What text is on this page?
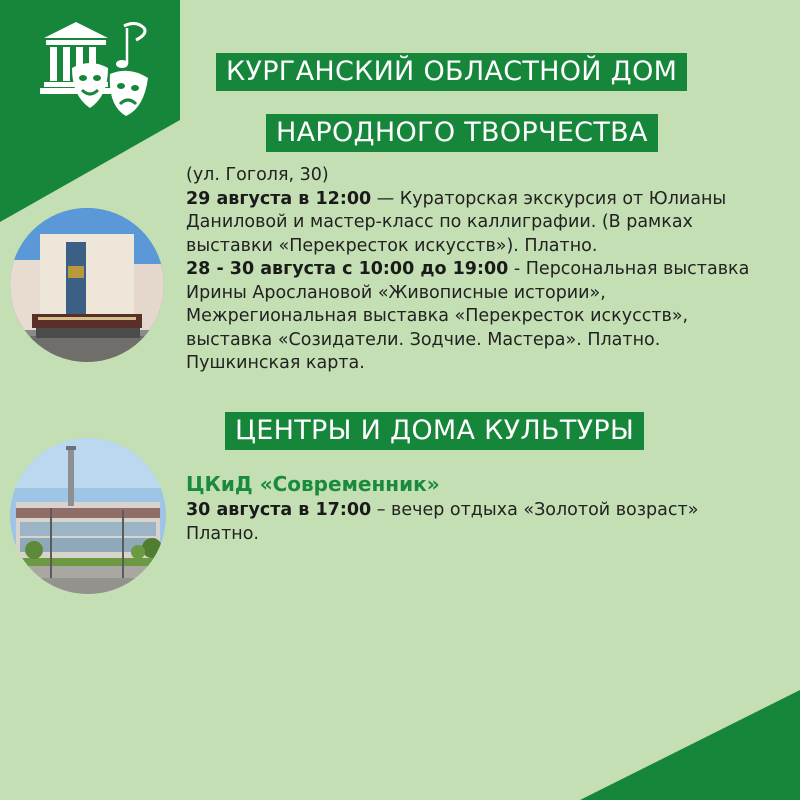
КУРГАНСКИЙ ОБЛАСТНОЙ ДОМ
НАРОДНОГО ТВОРЧЕСТВА
(ул. Гоголя, 30)
29 августа в 12:00 — Кураторская экскурсия от Юлианы
Даниловой и мастер-класс по каллиграфии. (В рамках
выставки «Перекресток искусств»). Платно.
28 - 30 августа с 10:00 до 19:00 - Персональная выставка
Ирины Арослановой «Живописные истории»,
Межрегиональная выставка «Перекресток искусств»,
выставка «Созидатели. Зодчие. Мастера». Платно.
Пушкинская карта.
ЦЕНТРЫ И ДОМА КУЛЬТУРЫ
ЦКиД «Современник»
30 августа в 17:00 – вечер отдыха «Золотой возраст»
Платно.
